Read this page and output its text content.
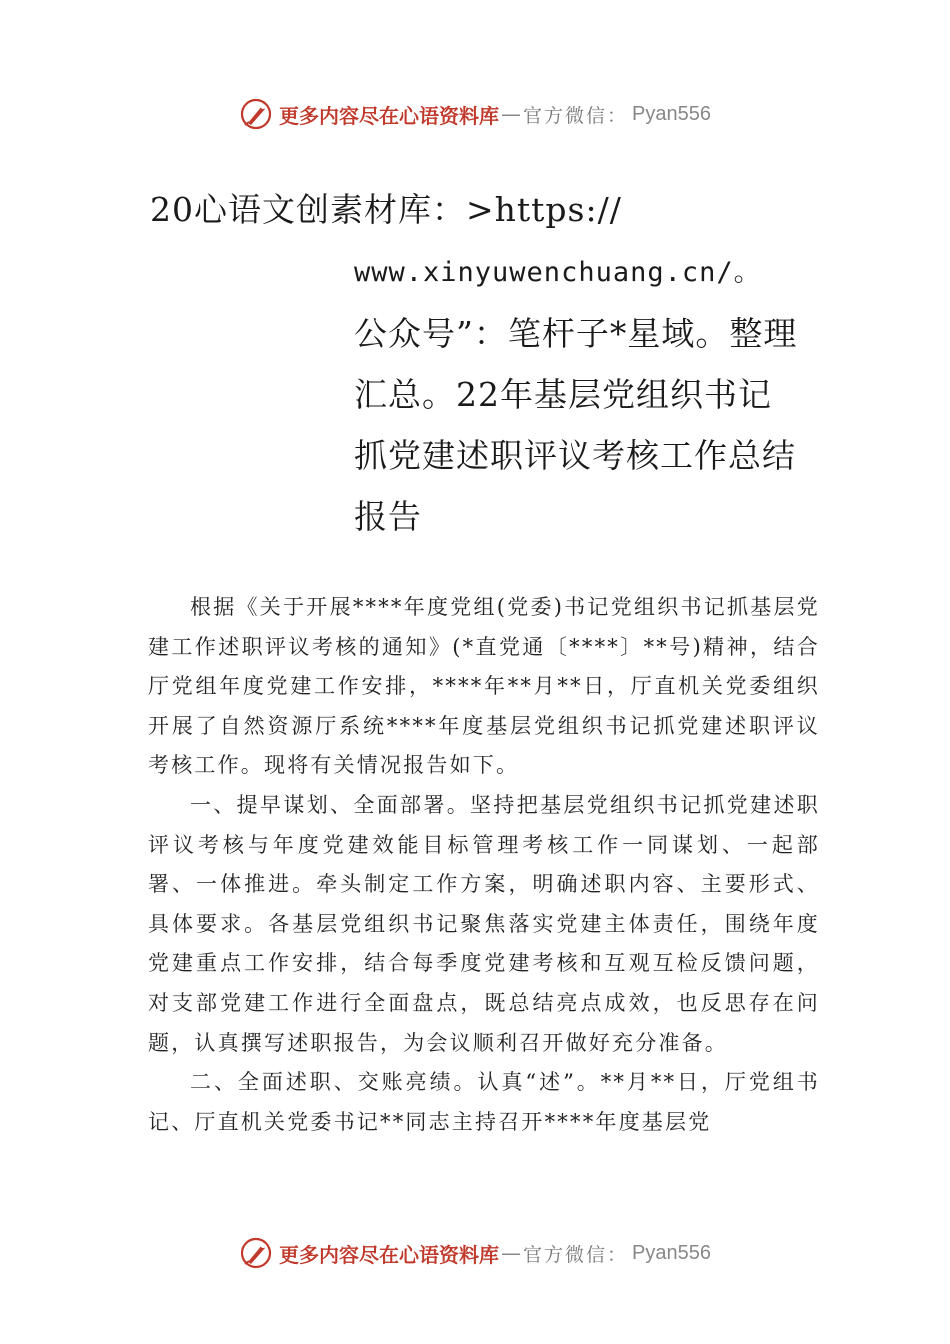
更多内容尽在心语资料库 — 官方微信： Pyan556
20心语文创素材库：>https://
www.xinyuwenchuang.cn/。
公众号”：笔杆子*星域。整理汇总。22年基层党组织书记抓党建述职评议考核工作总结报告

根据《关于开展****年度党组(党委)书记党组织书记抓基层党建工作述职评议考核的通知》(*直党通〔****〕**号)精神，结合厅党组年度党建工作安排，****年**月**日，厅直机关党委组织开展了自然资源厅系统****年度基层党组织书记抓党建述职评议考核工作。现将有关情况报告如下。

一、提早谋划、全面部署。坚持把基层党组织书记抓党建述职评议考核与年度党建效能目标管理考核工作一同谋划、一起部署、一体推进。牵头制定工作方案，明确述职内容、主要形式、具体要求。各基层党组织书记聚焦落实党建主体责任，围绕年度党建重点工作安排，结合每季度党建考核和互观互检反馈问题，对支部党建工作进行全面盘点，既总结亮点成效，也反思存在问题，认真撰写述职报告，为会议顺利召开做好充分准备。

二、全面述职、交账亮绩。认真“述”。**月**日，厅党组书记、厅直机关党委书记**同志主持召开****年度基层党

更多内容尽在心语资料库 — 官方微信： Pyan556
